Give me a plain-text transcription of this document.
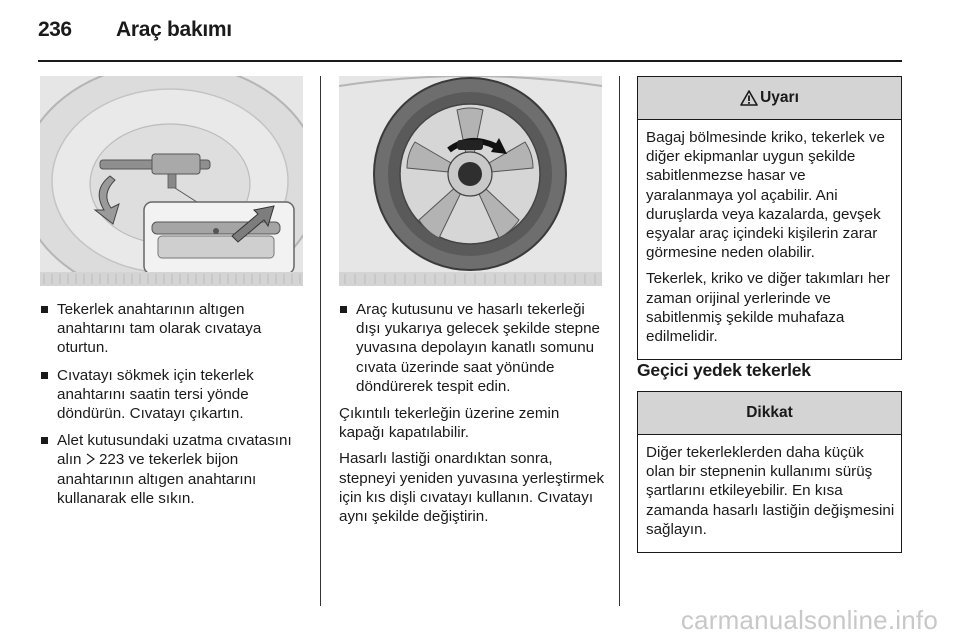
236 Araç bakımı
Tekerlek anahtarının altıgen anahtarını tam olarak cıvataya oturtun.
Cıvatayı sökmek için tekerlek anahtarını saatin tersi yönde döndürün. Cıvatayı çıkartın.
Alet kutusundaki uzatma cıvatasını alın  223 ve tekerlek bijon anahtarının altıgen anahtarını kullanarak elle sıkın.
Araç kutusunu ve hasarlı tekerleği dışı yukarıya gelecek şekilde stepne yuvasına depolayın kanatlı somunu cıvata üzerinde saat yönünde döndürerek tespit edin.

Çıkıntılı tekerleğin üzerine zemin kapağı kapatılabilir.

Hasarlı lastiği onardıktan sonra, stepneyi yeniden yuvasına yerleştirmek için kıs dişli cıvatayı kullanın. Cıvatayı aynı şekilde değiştirin.

Uyarı

Bagaj bölmesinde kriko, tekerlek ve diğer ekipmanlar uygun şekilde sabitlenmezse hasar ve yaralanmaya yol açabilir. Ani duruşlarda veya kazalarda, gevşek eşyalar araç içindeki kişilerin zarar görmesine neden olabilir.

Tekerlek, kriko ve diğer takımları her zaman orijinal yerlerinde ve sabitlenmiş şekilde muhafaza edilmelidir.

Geçici yedek tekerlek
Dikkat

Diğer tekerleklerden daha küçük olan bir stepnenin kullanımı sürüş şartlarını etkileyebilir. En kısa zamanda hasarlı lastiğin değişmesini sağlayın.

carmanualsonline.info
